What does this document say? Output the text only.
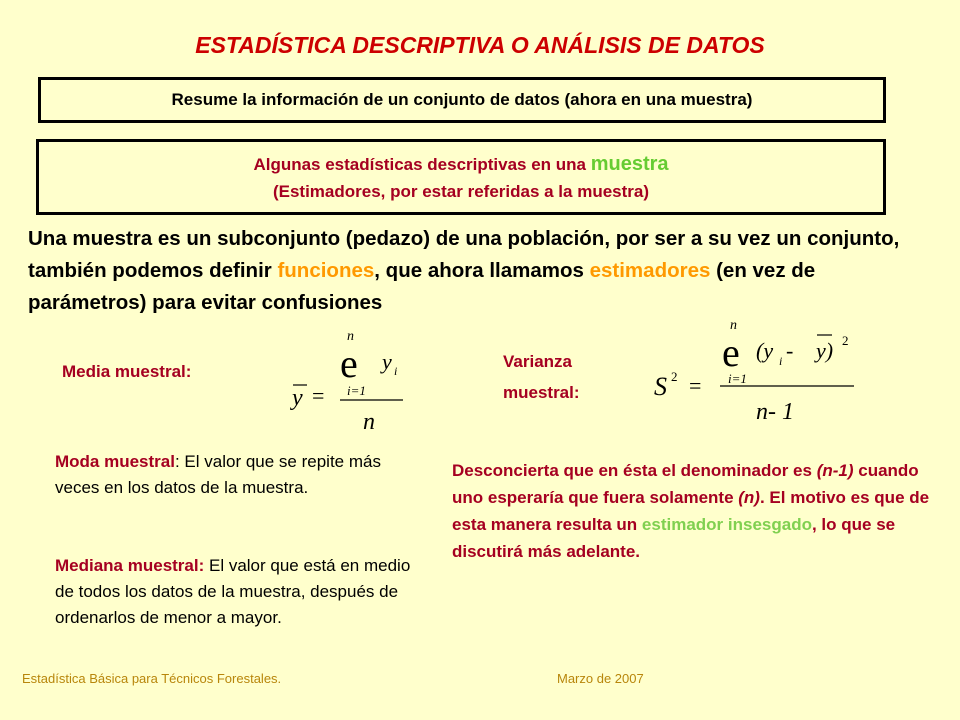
ESTADÍSTICA DESCRIPTIVA O ANÁLISIS DE DATOS
Resume la información de un conjunto de datos (ahora en una muestra)
Algunas estadísticas descriptivas en una muestra
(Estimadores, por estar referidas a la muestra)
Una muestra es un subconjunto (pedazo) de una población, por ser a su vez un conjunto, también podemos definir funciones, que ahora llamamos estimadores (en vez de parámetros) para evitar confusiones
Media muestral:
n
e y i
i=1
y =
n
Varianza
muestral:
n
e (y i - y) 2
i=1
S 2 =
n- 1
Moda muestral: El valor que se repite más veces en los datos de la muestra.
Mediana muestral: El valor que está en medio de todos los datos de la muestra, después de ordenarlos de menor a mayor.
Desconcierta que en ésta el denominador es (n-1) cuando uno esperaría que fuera solamente (n). El motivo es que de esta manera resulta un estimador insesgado, lo que se discutirá más adelante.
Estadística Básica para Técnicos Forestales.	Marzo de 2007
